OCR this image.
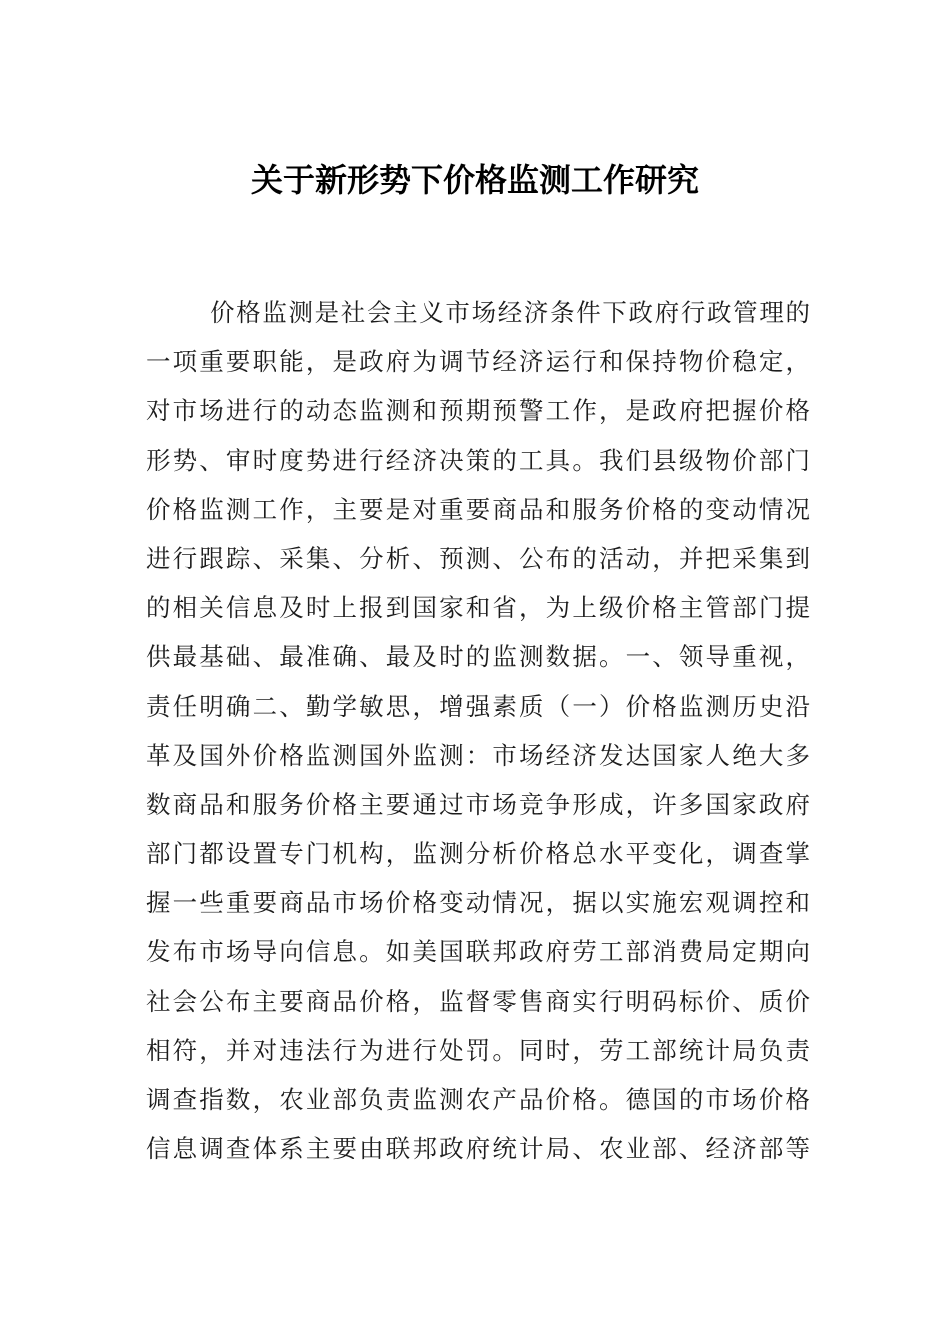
关于新形势下价格监测工作研究
价格监测是社会主义市场经济条件下政府行政管理的
一项重要职能，是政府为调节经济运行和保持物价稳定，
对市场进行的动态监测和预期预警工作，是政府把握价格
形势、审时度势进行经济决策的工具。我们县级物价部门
价格监测工作，主要是对重要商品和服务价格的变动情况
进行跟踪、采集、分析、预测、公布的活动，并把采集到
的相关信息及时上报到国家和省，为上级价格主管部门提
供最基础、最准确、最及时的监测数据。一、领导重视，
责任明确二、勤学敏思，增强素质（一）价格监测历史沿
革及国外价格监测国外监测：市场经济发达国家人绝大多
数商品和服务价格主要通过市场竞争形成，许多国家政府
部门都设置专门机构，监测分析价格总水平变化，调查掌
握一些重要商品市场价格变动情况，据以实施宏观调控和
发布市场导向信息。如美国联邦政府劳工部消费局定期向
社会公布主要商品价格，监督零售商实行明码标价、质价
相符，并对违法行为进行处罚。同时，劳工部统计局负责
调查指数，农业部负责监测农产品价格。德国的市场价格
信息调查体系主要由联邦政府统计局、农业部、经济部等
